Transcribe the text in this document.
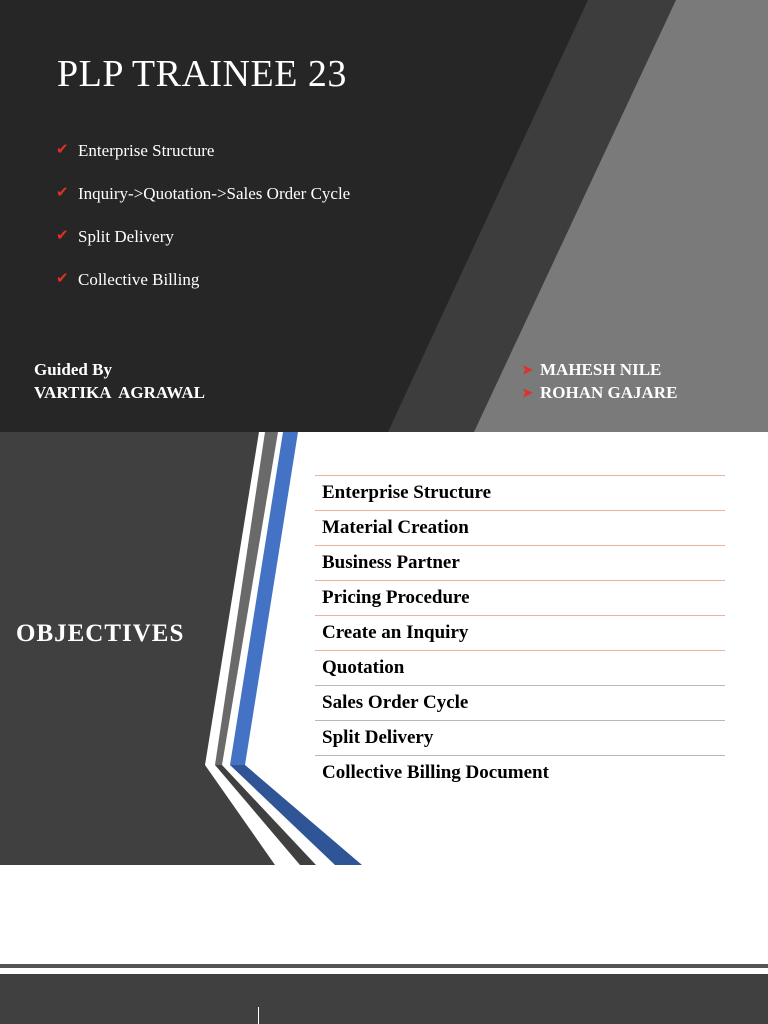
PLP TRAINEE 23
✔ Enterprise Structure
✔ Inquiry->Quotation->Sales Order Cycle
✔ Split Delivery
✔ Collective Billing
Guided By
VARTIKA  AGRAWAL
➤ MAHESH NILE
➤ ROHAN GAJARE
OBJECTIVES
Enterprise Structure
Material Creation
Business Partner
Pricing Procedure
Create an Inquiry
Quotation
Sales Order Cycle
Split Delivery
Collective Billing Document
